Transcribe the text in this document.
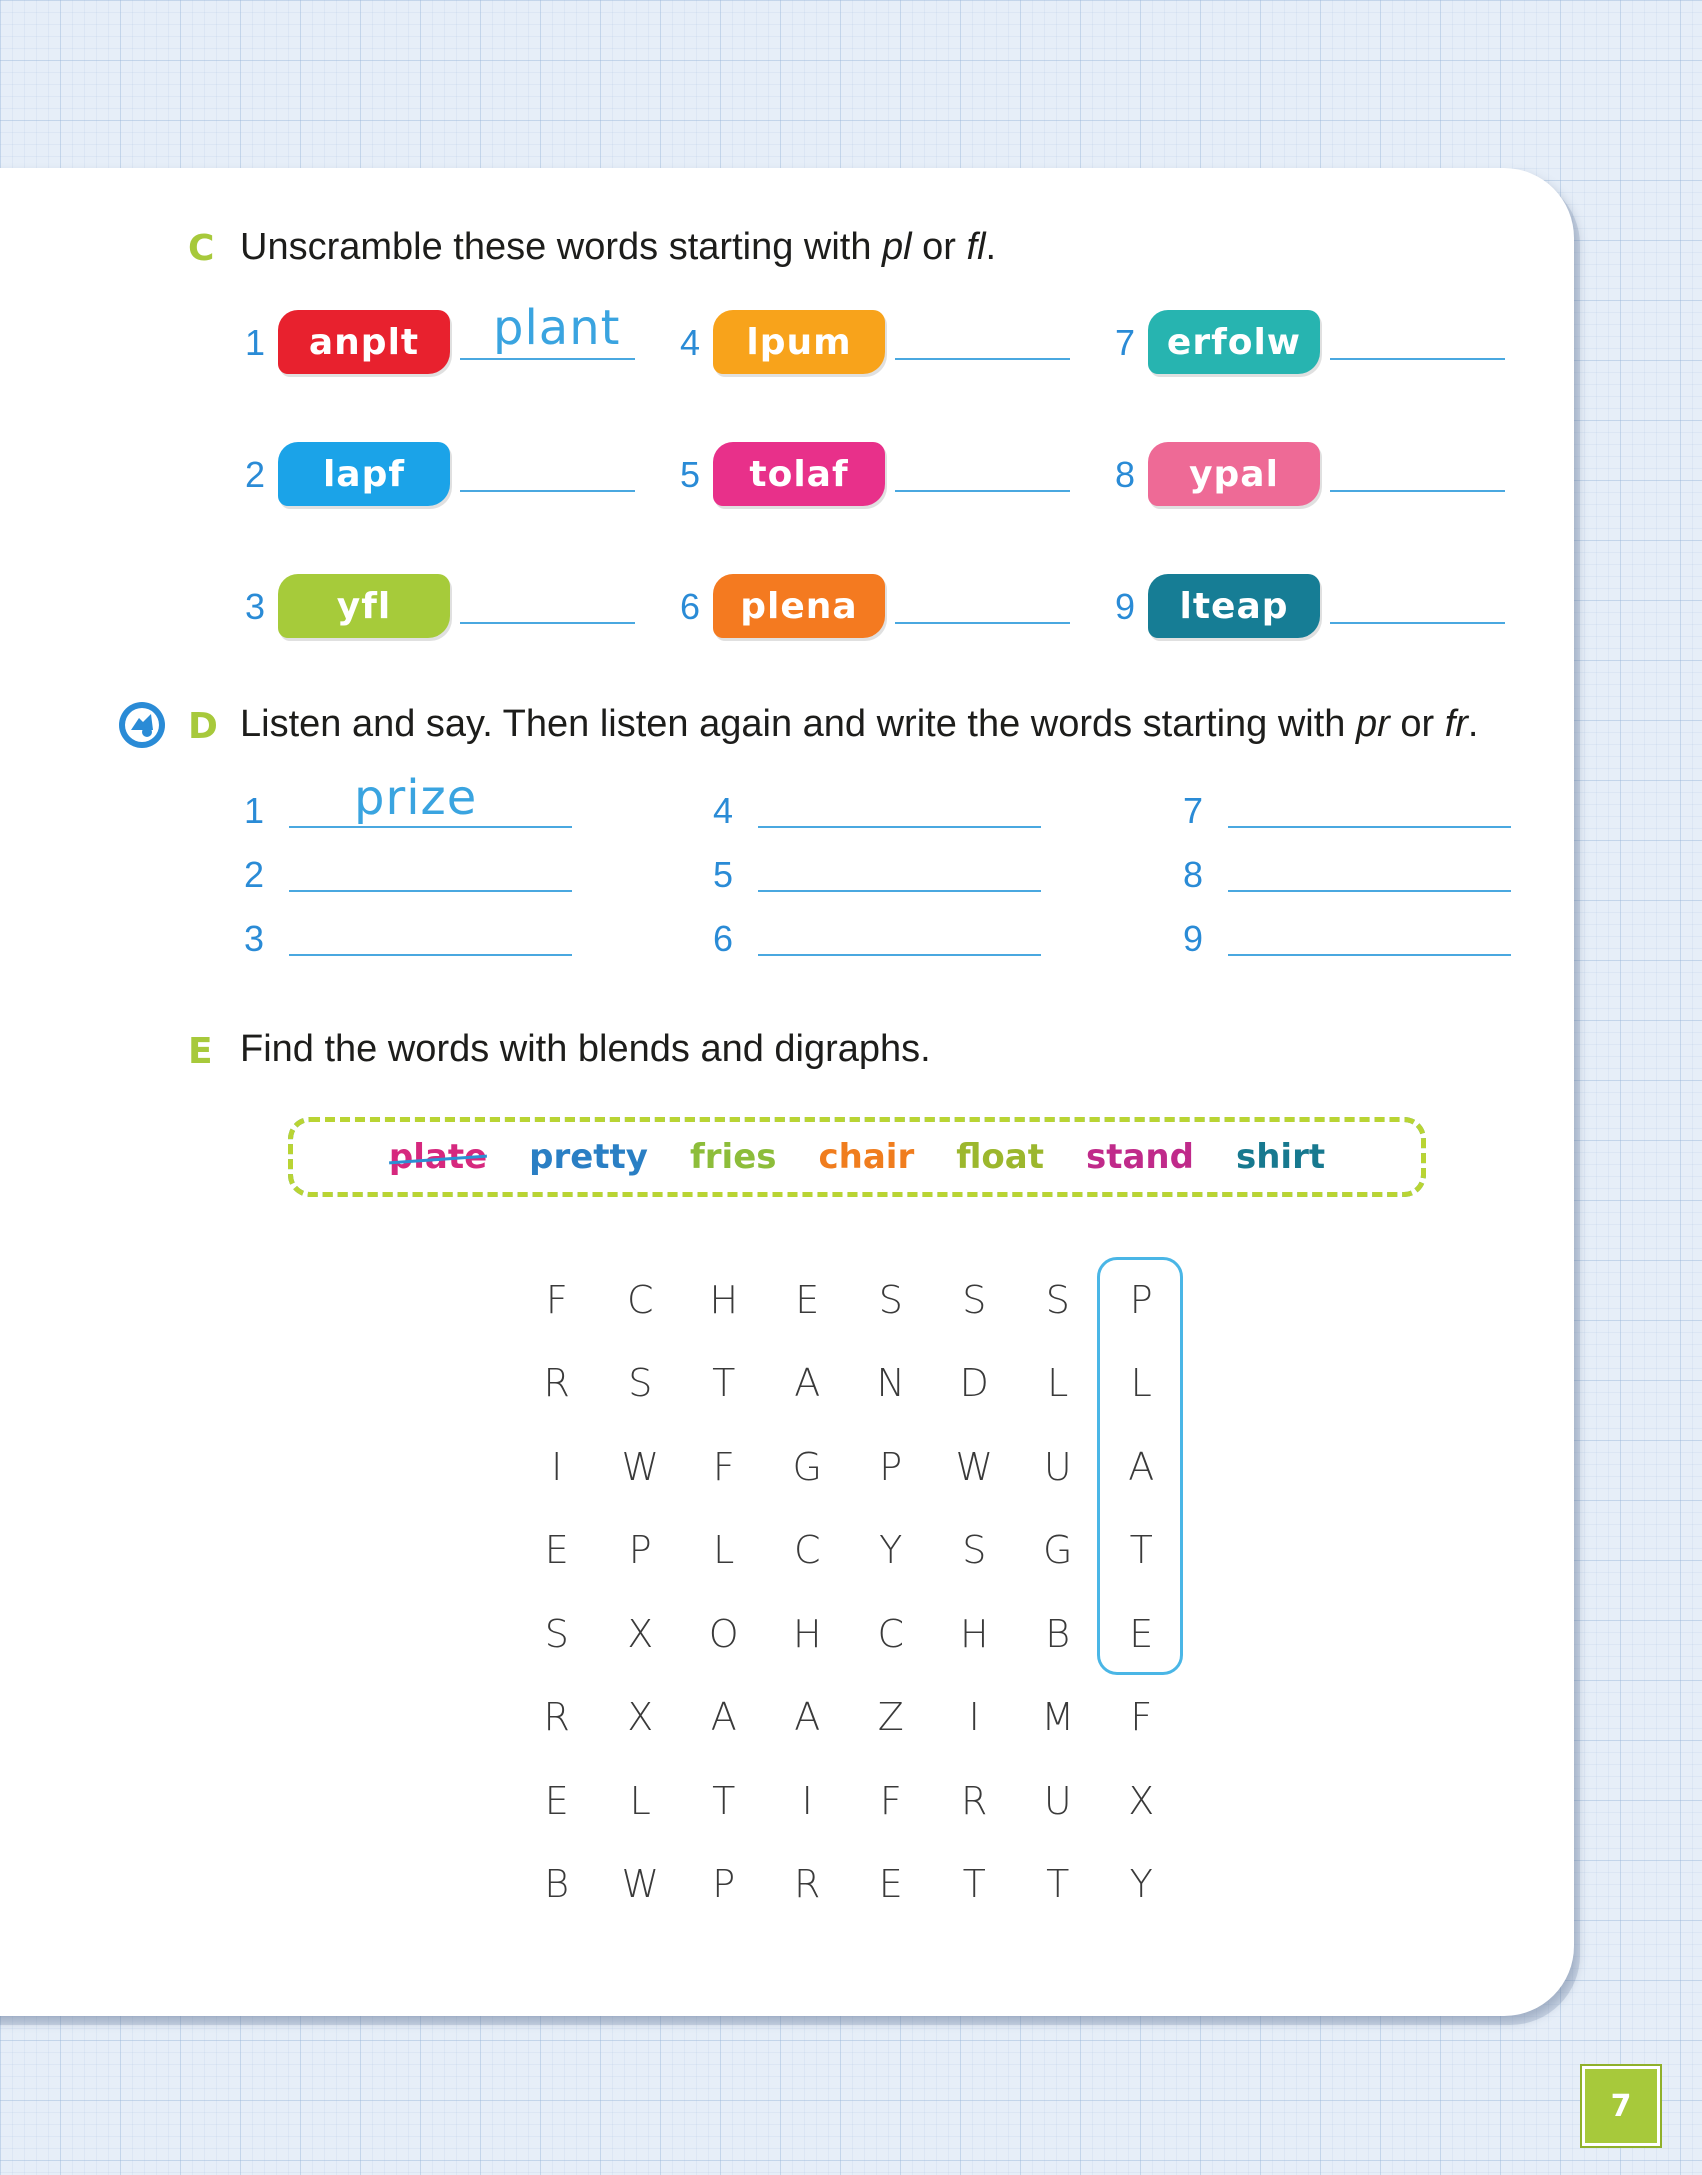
C Unscramble these words starting with pl or fl.
1	anplt	plant
2	lapf
3	yfl
4	lpum
5	tolaf
6	plena
7 erfolw
8	ypal
9	lteap
D Listen and say. Then listen again and write the words starting with pr or fr.
1 prize
2
3
4
5
6
7
8
9
E Find the words with blends and digraphs.
plate pretty fries chair float stand shirt
F	C	H	E	S	S	S	P
R	S	T	A	N	D	L	L
I	W	F	G	P	W	U	A
E	P	L	C	Y	S	G	T
S	X	O	H	C	H	B	E
R	X	A	A	Z	I	M	F
E	L	T	I	F	R	U	X
B	W	P	R	E	T	T	Y
7
